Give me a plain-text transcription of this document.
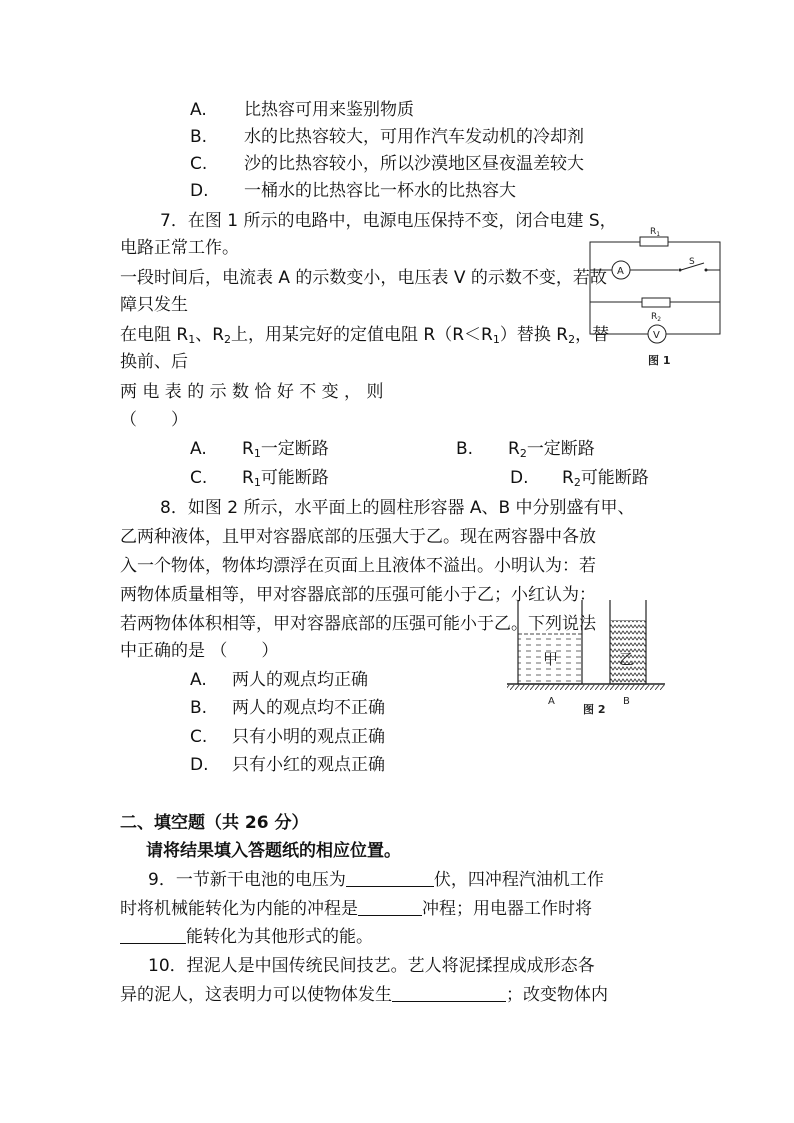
A. 比热容可用来鉴别物质
B. 水的比热容较大，可用作汽车发动机的冷却剂
C. 沙的比热容较小，所以沙漠地区昼夜温差较大
D. 一桶水的比热容比一杯水的比热容大
7．在图 1 所示的电路中，电源电压保持不变，闭合电建 S，
电路正常工作。
一段时间后，电流表 A 的示数变小，电压表 V 的示数不变，若故
障只发生
在电阻 $R_1$、$R_2$上，用某完好的定值电阻 $R(R<R_1)$替换 $R_2$，替
换前、后
两 电 表 的 示 数 恰 好 不 变 ， 则
（　　）
A. $R_1$一定断路	B. $R_2$一定断路
C. $R_1$可能断路	D. $R_2$可能断路
$R_1$
A
S
$R_2$
V
图 1
8．如图 2 所示，水平面上的圆柱形容器 A、B 中分别盛有甲、
乙两种液体，且甲对容器底部的压强大于乙。现在两容器中各放
入一个物体，物体均漂浮在页面上且液体不溢出。小明认为：若
两物体质量相等，甲对容器底部的压强可能小于乙；小红认为：
若两物体体积相等，甲对容器底部的压强可能小于乙。下列说法
中正确的是 （　　）
A. 两人的观点均正确
B. 两人的观点均不正确
C. 只有小明的观点正确
D. 只有小红的观点正确
甲	乙
A	B
图 2
二、填空题（共 26 分）
请将结果填入答题纸的相应位置。
9．一节新干电池的电压为	伏，四冲程汽油机工作
时将机械能转化为内能的冲程是	冲程；用电器工作时将
能转化为其他形式的能。
10．捏泥人是中国传统民间技艺。艺人将泥揉捏成成形态各
异的泥人，这表明力可以使物体发生	；改变物体内
